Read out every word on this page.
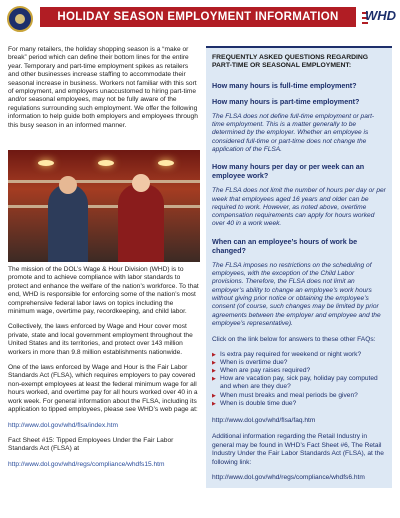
HOLIDAY SEASON EMPLOYMENT INFORMATION	WHD

For many retailers, the holiday shopping season is a “make or break” period which can define their bottom lines for the entire year. Temporary and part-time employment spikes as retailers and other businesses increase staffing to accommodate their seasonal increase in business. Workers not familiar with this sort of employment, and employers unaccustomed to hiring part-time and/or seasonal employees, may not be fully aware of the regulations surrounding such employment. We offer the following information to help guide both employers and employees through this busy season in an informed manner.

The mission of the DOL’s Wage & Hour Division (WHD) is to promote and to achieve compliance with labor standards to protect and enhance the welfare of the nation’s workforce. To that end, WHD is responsible for enforcing some of the nation’s most comprehensive federal labor laws on topics including the minimum wage, overtime pay, recordkeeping, and child labor.

Collectively, the laws enforced by Wage and Hour cover most private, state and local government employment throughout the United States and its territories, and protect over 143 million workers in more than 9.8 million establishments nationwide.

One of the laws enforced by Wage and Hour is the Fair Labor Standards Act (FLSA), which requires employers to pay covered non-exempt employees at least the federal minimum wage for all hours worked, and overtime pay for all hours worked over 40 in a work week. For general information about the FLSA, including its application to tipped employees, please see WHD’s web page at:

http://www.dol.gov/whd/flsa/index.htm

Fact Sheet #15: Tipped Employees Under the Fair Labor Standards Act (FLSA) at

http://www.dol.gov/whd/regs/compliance/whdfs15.htm

FREQUENTLY ASKED QUESTIONS REGARDING PART-TIME OR SEASONAL EMPLOYMENT:
How many hours is full-time employment?
How many hours is part-time employment?
The FLSA does not define full-time employment or part-time employment. This is a matter generally to be determined by the employer. Whether an employee is considered full-time or part-time does not change the application of the FLSA.
How many hours per day or per week can an employee work?
The FLSA does not limit the number of hours per day or per week that employees aged 16 years and older can be required to work. However, as noted above, overtime compensation requirements can apply for hours worked over 40 in a work week.
When can an employee’s hours of work be changed?
The FLSA imposes no restrictions on the scheduling of employees, with the exception of the Child Labor provisions. Therefore, the FLSA does not limit an employer’s ability to change an employee’s work hours without giving prior notice or obtaining the employee’s consent (of course, such changes may be limited by prior agreements between the employer and employee and the employee’s representative).

Click on the link below for answers to these other FAQs:

▶ Is extra pay required for weekend or night work?
▶ When is overtime due?
▶ When are pay raises required?
▶ How are vacation pay, sick pay, holiday pay computed and when are they due?
▶ When must breaks and meal periods be given?
▶ When is double time due?

http://www.dol.gov/whd/flsa/faq.htm

Additional information regarding the Retail Industry in general may be found in WHD’s Fact Sheet #6, The Retail Industry Under the Fair Labor Standards Act (FLSA), at the following link:

http://www.dol.gov/whd/regs/compliance/whdfs6.htm
